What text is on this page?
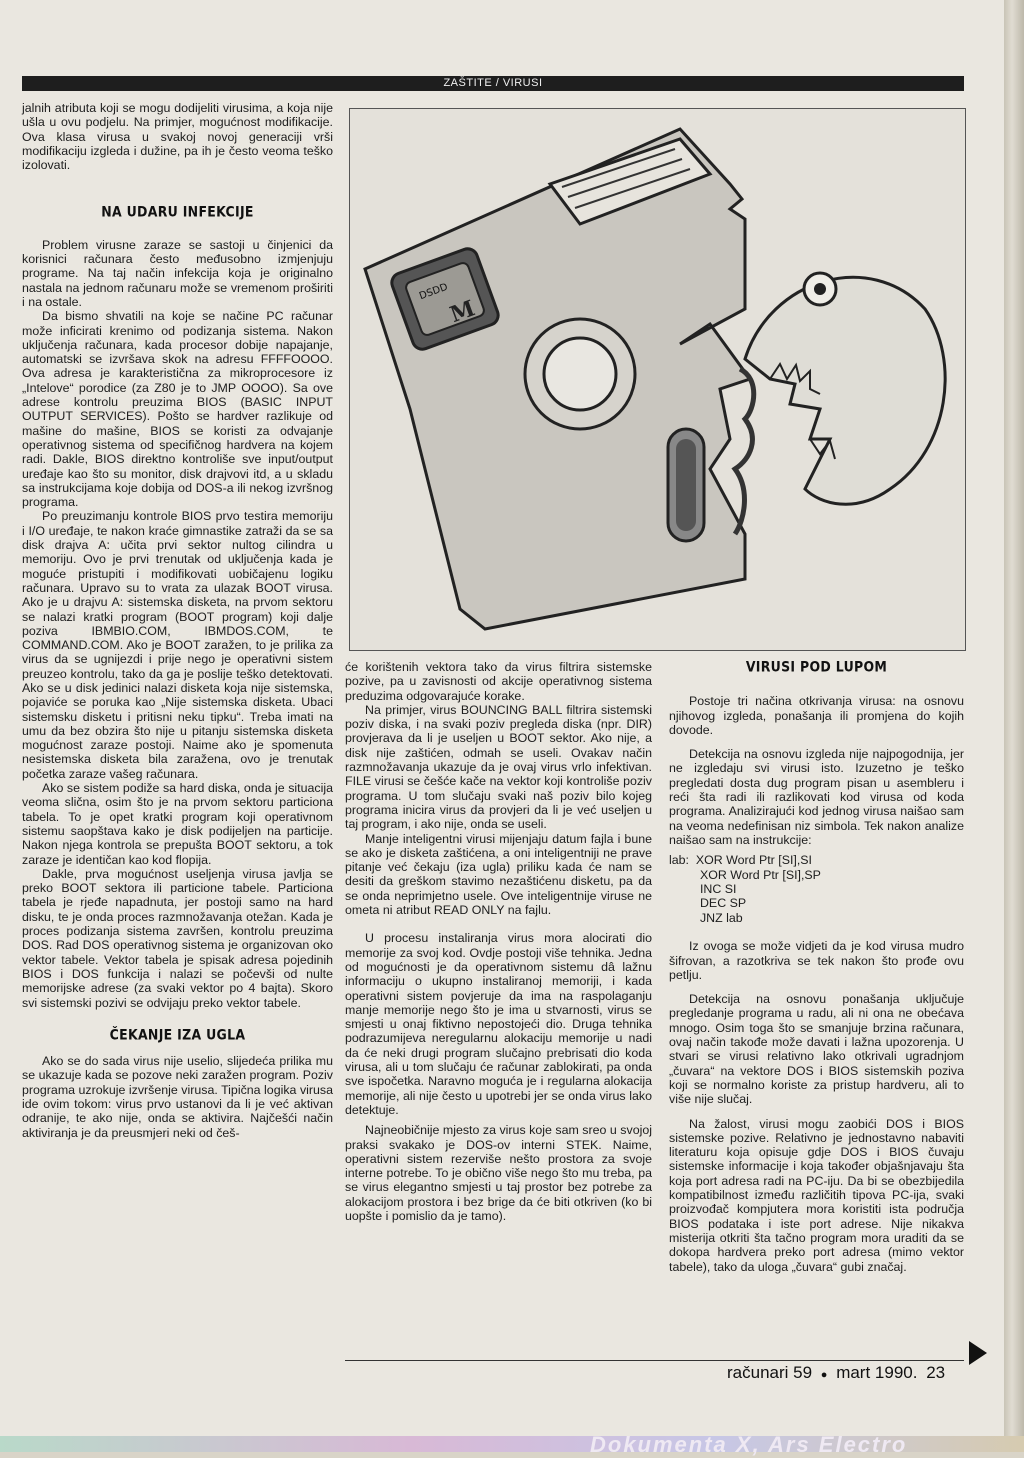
ZAŠTITE / VIRUSI

jalnih atributa koji se mogu dodijeliti virusima, a koja nije ušla u ovu podjelu. Na primjer, mogućnost modifikacije. Ova klasa virusa u svakoj novoj generaciji vrši modifikaciju izgleda i dužine, pa ih je često veoma teško izolovati.

NA UDARU INFEKCIJE

Problem virusne zaraze se sastoji u činjenici da korisnici računara često međusobno izmjenjuju programe. Na taj način infekcija koja je originalno nastala na jednom računaru može se vremenom proširiti i na ostale.

Da bismo shvatili na koje se načine PC računar može inficirati krenimo od podizanja sistema. Nakon uključenja računara, kada procesor dobije napajanje, automatski se izvršava skok na adresu FFFFOOOO. Ova adresa je karakteristična za mikroprocesore iz „Intelove“ porodice (za Z80 je to JMP OOOO). Sa ove adrese kontrolu preuzima BIOS (BASIC INPUT OUTPUT SERVICES). Pošto se hardver razlikuje od mašine do mašine, BIOS se koristi za odvajanje operativnog sistema od specifičnog hardvera na kojem radi. Dakle, BIOS direktno kontroliše sve input/output uređaje kao što su monitor, disk drajvovi itd, a u skladu sa instrukcijama koje dobija od DOS-a ili nekog izvršnog programa.

Po preuzimanju kontrole BIOS prvo testira memoriju i I/O uređaje, te nakon kraće gimnastike zatraži da se sa disk drajva A: učita prvi sektor nultog cilindra u memoriju. Ovo je prvi trenutak od uključenja kada je moguće pristupiti i modifikovati uobičajenu logiku računara. Upravo su to vrata za ulazak BOOT virusa. Ako je u drajvu A: sistemska disketa, na prvom sektoru se nalazi kratki program (BOOT program) koji dalje poziva IBMBIO.COM, IBMDOS.COM, te COMMAND.COM. Ako je BOOT zaražen, to je prilika za virus da se ugnijezdi i prije nego je operativni sistem preuzeo kontrolu, tako da ga je poslije teško detektovati. Ako se u disk jedinici nalazi disketa koja nije sistemska, pojaviće se poruka kao „Nije sistemska disketa. Ubaci sistemsku disketu i pritisni neku tipku“. Treba imati na umu da bez obzira što nije u pitanju sistemska disketa mogućnost zaraze postoji. Naime ako je spomenuta nesistemska disketa bila zaražena, ovo je trenutak početka zaraze vašeg računara.

Ako se sistem podiže sa hard diska, onda je situacija veoma slična, osim što je na prvom sektoru particiona tabela. To je opet kratki program koji operativnom sistemu saopštava kako je disk podijeljen na particije. Nakon njega kontrola se prepušta BOOT sektoru, a tok zaraze je identičan kao kod flopija.

Dakle, prva mogućnost useljenja virusa javlja se preko BOOT sektora ili particione tabele. Particiona tabela je rjeđe napadnuta, jer postoji samo na hard disku, te je onda proces razmnožavanja otežan. Kada je proces podizanja sistema završen, kontrolu preuzima DOS. Rad DOS operativnog sistema je organizovan oko vektor tabele. Vektor tabela je spisak adresa pojedinih BIOS i DOS funkcija i nalazi se počevši od nulte memorijske adrese (za svaki vektor po 4 bajta). Skoro svi sistemski pozivi se odvijaju preko vektor tabele.

ČEKANJE IZA UGLA

Ako se do sada virus nije uselio, slijedeća prilika mu se ukazuje kada se pozove neki zaražen program. Poziv programa uzrokuje izvršenje virusa. Tipična logika virusa ide ovim tokom: virus prvo ustanovi da li je već aktivan odranije, te ako nije, onda se aktivira. Najčešći način aktiviranja je da preusmjeri neki od češ-

DSDD
M

će korištenih vektora tako da virus filtrira sistemske pozive, pa u zavisnosti od akcije operativnog sistema preduzima odgovarajuće korake.

Na primjer, virus BOUNCING BALL filtrira sistemski poziv diska, i na svaki poziv pregleda diska (npr. DIR) provjerava da li je useljen u BOOT sektor. Ako nije, a disk nije zaštićen, odmah se useli. Ovakav način razmnožavanja ukazuje da je ovaj virus vrlo infektivan. FILE virusi se češće kače na vektor koji kontroliše poziv programa. U tom slučaju svaki naš poziv bilo kojeg programa inicira virus da provjeri da li je već useljen u taj program, i ako nije, onda se useli.

Manje inteligentni virusi mijenjaju datum fajla i bune se ako je disketa zaštićena, a oni inteligentniji ne prave pitanje već čekaju (iza ugla) priliku kada će nam se desiti da greškom stavimo nezaštićenu disketu, pa da se onda neprimjetno usele. Ove inteligentnije viruse ne ometa ni atribut READ ONLY na fajlu.

U procesu instaliranja virus mora alocirati dio memorije za svoj kod. Ovdje postoji više tehnika. Jedna od mogućnosti je da operativnom sistemu dâ lažnu informaciju o ukupno instaliranoj memoriji, i kada operativni sistem povjeruje da ima na raspolaganju manje memorije nego što je ima u stvarnosti, virus se smjesti u onaj fiktivno nepostojeći dio. Druga tehnika podrazumijeva neregularnu alokaciju memorije u nadi da će neki drugi program slučajno prebrisati dio koda virusa, ali u tom slučaju će računar zablokirati, pa onda sve ispočetka. Naravno moguća je i regularna alokacija memorije, ali nije često u upotrebi jer se onda virus lako detektuje.

Najneobičnije mjesto za virus koje sam sreo u svojoj praksi svakako je DOS-ov interni STEK. Naime, operativni sistem rezerviše nešto prostora za svoje interne potrebe. To je obično više nego što mu treba, pa se virus elegantno smjesti u taj prostor bez potrebe za alokacijom prostora i bez brige da će biti otkriven (ko bi uopšte i pomislio da je tamo).

VIRUSI POD LUPOM

Postoje tri načina otkrivanja virusa: na osnovu njihovog izgleda, ponašanja ili promjena do kojih dovode.

Detekcija na osnovu izgleda nije najpogodnija, jer ne izgledaju svi virusi isto. Izuzetno je teško pregledati dosta dug program pisan u asembleru i reći šta radi ili razlikovati kod virusa od koda programa. Analizirajući kod jednog virusa naišao sam na veoma nedefinisan niz simbola. Tek nakon analize naišao sam na instrukcije:

lab:  XOR Word Ptr [SI],SI
XOR Word Ptr [SI],SP
INC SI
DEC SP
JNZ lab

Iz ovoga se može vidjeti da je kod virusa mudro šifrovan, a razotkriva se tek nakon što prođe ovu petlju.

Detekcija na osnovu ponašanja uključuje pregledanje programa u radu, ali ni ona ne obećava mnogo. Osim toga što se smanjuje brzina računara, ovaj način takođe može davati i lažna upozorenja. U stvari se virusi relativno lako otkrivali ugradnjom „čuvara“ na vektore DOS i BIOS sistemskih poziva koji se normalno koriste za pristup hardveru, ali to više nije slučaj.

Na žalost, virusi mogu zaobići DOS i BIOS sistemske pozive. Relativno je jednostavno nabaviti literaturu koja opisuje gdje DOS i BIOS čuvaju sistemske informacije i koja također objašnjavaju šta koja port adresa radi na PC-iju. Da bi se obezbijedila kompatibilnost između različitih tipova PC-ija, svaki proizvođač kompjutera mora koristiti ista područja BIOS podataka i iste port adrese. Nije nikakva misterija otkriti šta tačno program mora uraditi da se dokopa hardvera preko port adresa (mimo vektor tabele), tako da uloga „čuvara“ gubi značaj.

računari 59 ● mart 1990. 23
Dokumenta X, Ars Electro
